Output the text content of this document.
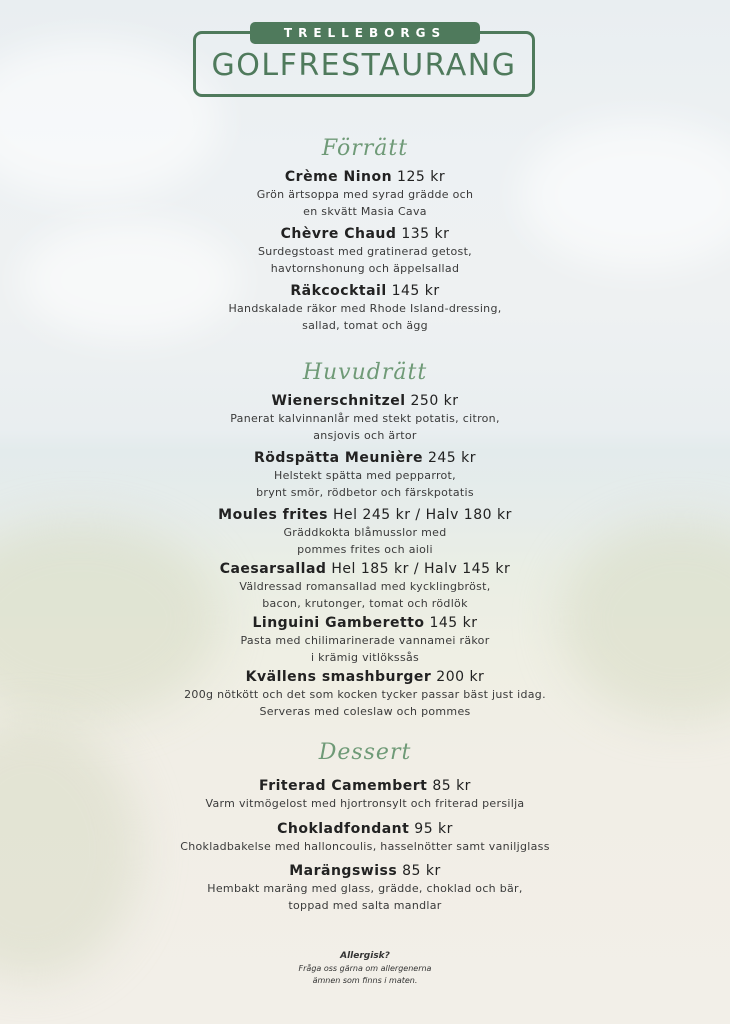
TRELLEBORGS
GOLFRESTAURANG
Förrätt
Crème Ninon 125 kr
Grön ärtsoppa med syrad grädde och
en skvätt Masia Cava
Chèvre Chaud 135 kr
Surdegstoast med gratinerad getost,
havtornshonung och äppelsallad
Räkcocktail 145 kr
Handskalade räkor med Rhode Island-dressing,
sallad, tomat och ägg
Huvudrätt
Wienerschnitzel 250 kr
Panerat kalvinnanlår med stekt potatis, citron,
ansjovis och ärtor
Rödspätta Meunière 245 kr
Helstekt spätta med pepparrot,
brynt smör, rödbetor och färskpotatis
Moules frites Hel 245 kr / Halv 180 kr
Gräddkokta blåmusslor med
pommes frites och aioli
Caesarsallad Hel 185 kr / Halv 145 kr
Väldressad romansallad med kycklingbröst,
bacon, krutonger, tomat och rödlök
Linguini Gamberetto 145 kr
Pasta med chilimarinerade vannamei räkor
i krämig vitlökssås
Kvällens smashburger 200 kr
200g nötkött och det som kocken tycker passar bäst just idag.
Serveras med coleslaw och pommes
Dessert
Friterad Camembert 85 kr
Varm vitmögelost med hjortronsylt och friterad persilja
Chokladfondant 95 kr
Chokladbakelse med halloncoulis, hasselnötter samt vaniljglass
Marängswiss 85 kr
Hembakt maräng med glass, grädde, choklad och bär,
toppad med salta mandlar
Allergisk?
Fråga oss gärna om allergenerna
ämnen som finns i maten.
